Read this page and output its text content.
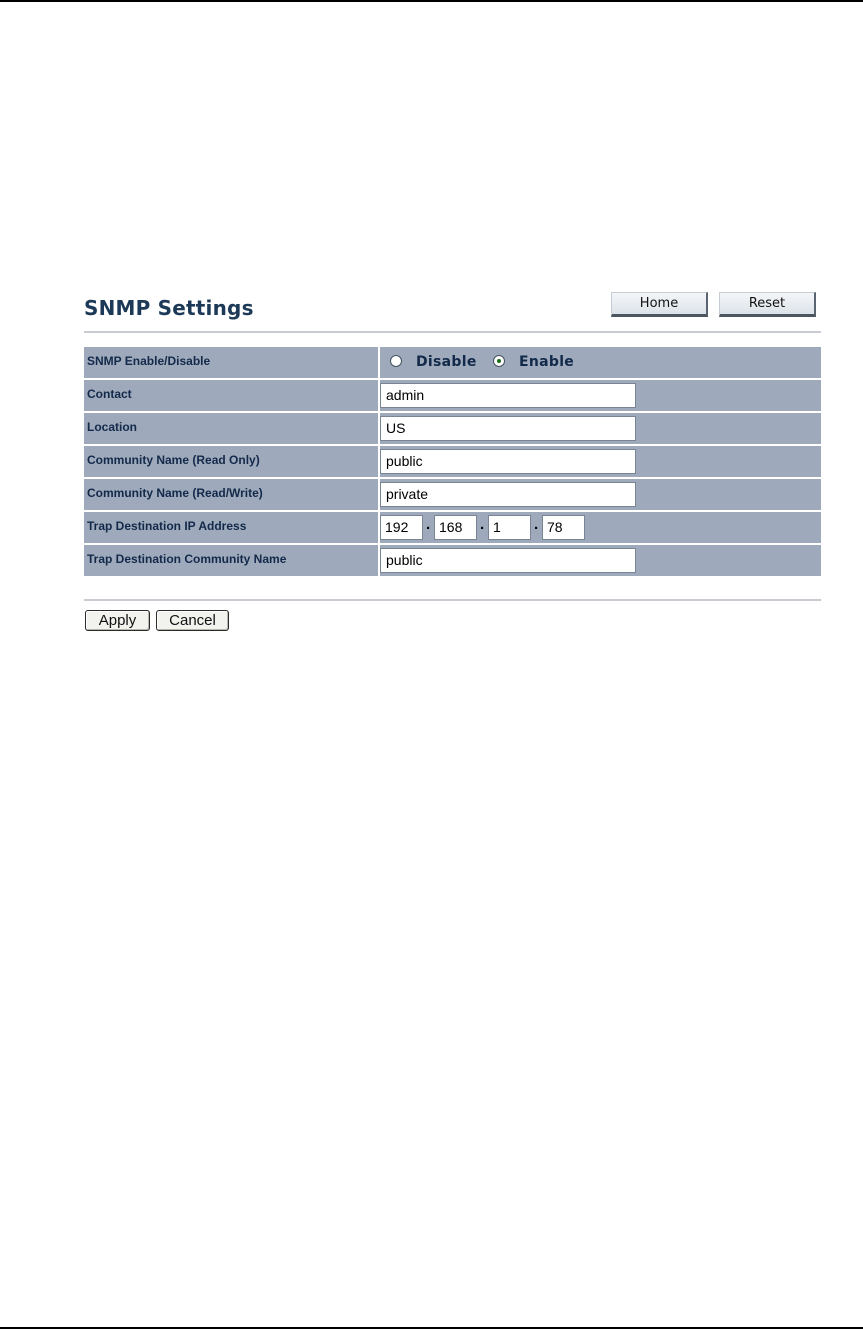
SNMP Settings	Home	Reset
SNMP Enable/Disable	Disable	Enable
Contact	admin
Location	US
Community Name (Read Only)	public
Community Name (Read/Write)	private
Trap Destination IP Address	192	. 168	. 1	. 78
Trap Destination Community Name	public
Apply	Cancel
